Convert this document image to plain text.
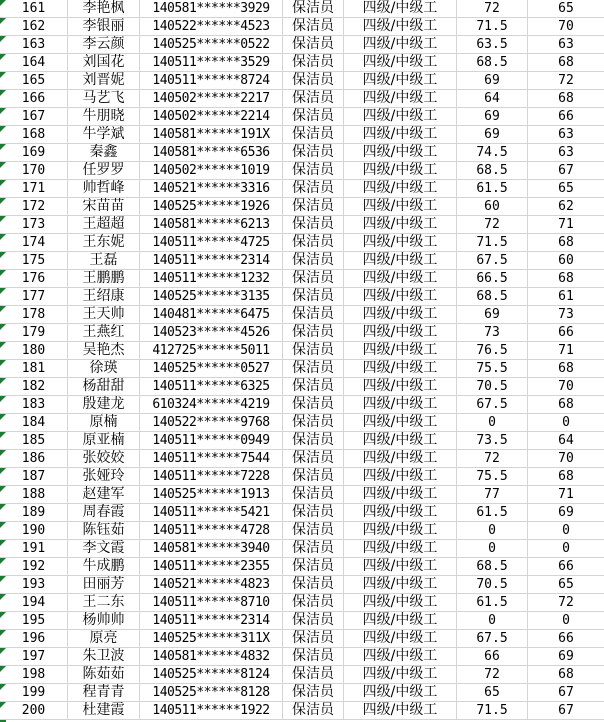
161	李艳枫	140581******3929	保洁员	四级/中级工	72	65
162	李银丽	140522******4523	保洁员	四级/中级工	71.5	70
163	李云颜	140525******0522	保洁员	四级/中级工	63.5	63
164	刘国花	140511******3529	保洁员	四级/中级工	68.5	68
165	刘晋妮	140511******8724	保洁员	四级/中级工	69	72
166	马艺飞	140502******2217	保洁员	四级/中级工	64	68
167	牛朋晓	140502******2214	保洁员	四级/中级工	69	66
168	牛学斌	140581******191X	保洁员	四级/中级工	69	63
169	秦鑫	140581******6536	保洁员	四级/中级工	74.5	63
170	任罗罗	140502******1019	保洁员	四级/中级工	68.5	67
171	帅哲峰	140521******3316	保洁员	四级/中级工	61.5	65
172	宋苗苗	140525******1926	保洁员	四级/中级工	60	62
173	王超超	140581******6213	保洁员	四级/中级工	72	71
174	王东妮	140511******4725	保洁员	四级/中级工	71.5	68
175	王磊	140511******2314	保洁员	四级/中级工	67.5	60
176	王鹏鹏	140511******1232	保洁员	四级/中级工	66.5	68
177	王绍康	140525******3135	保洁员	四级/中级工	68.5	61
178	王天帅	140481******6475	保洁员	四级/中级工	69	73
179	王燕红	140523******4526	保洁员	四级/中级工	73	66
180	吴艳杰	412725******5011	保洁员	四级/中级工	76.5	71
181	徐瑛	140525******0527	保洁员	四级/中级工	75.5	68
182	杨甜甜	140511******6325	保洁员	四级/中级工	70.5	70
183	殷建龙	610324******4219	保洁员	四级/中级工	67.5	68
184	原楠	140522******9768	保洁员	四级/中级工	0	0
185	原亚楠	140511******0949	保洁员	四级/中级工	73.5	64
186	张姣姣	140511******7544	保洁员	四级/中级工	72	70
187	张娅玲	140511******7228	保洁员	四级/中级工	75.5	68
188	赵建军	140525******1913	保洁员	四级/中级工	77	71
189	周春霞	140511******5421	保洁员	四级/中级工	61.5	69
190	陈钰茹	140511******4728	保洁员	四级/中级工	0	0
191	李文霞	140581******3940	保洁员	四级/中级工	0	0
192	牛成鹏	140511******2355	保洁员	四级/中级工	68.5	66
193	田丽芳	140521******4823	保洁员	四级/中级工	70.5	65
194	王二东	140511******8710	保洁员	四级/中级工	61.5	72
195	杨帅帅	140511******2314	保洁员	四级/中级工	0	0
196	原亮	140525******311X	保洁员	四级/中级工	67.5	66
197	朱卫波	140581******4832	保洁员	四级/中级工	66	69
198	陈茹茹	140525******8124	保洁员	四级/中级工	72	68
199	程青青	140525******8128	保洁员	四级/中级工	65	67
200	杜建霞	140511******1922	保洁员	四级/中级工	71.5	67
